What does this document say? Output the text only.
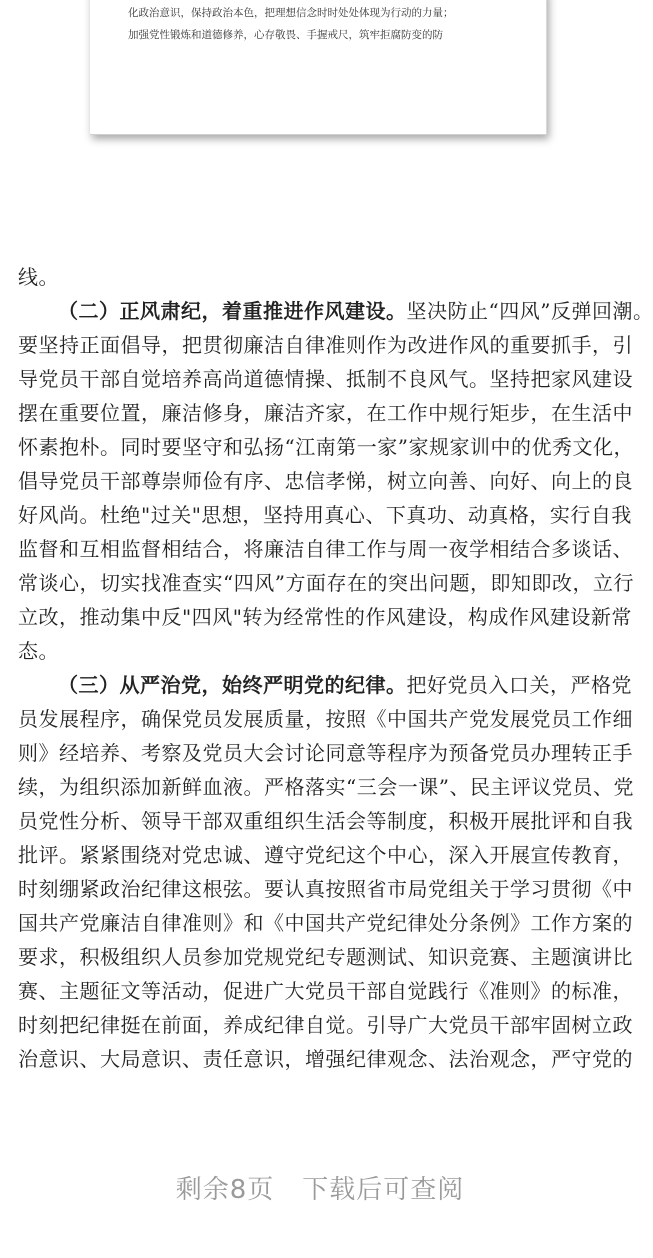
化政治意识，保持政治本色，把理想信念时时处处体现为行动的力量；
加强党性锻炼和道德修养，心存敬畏、手握戒尺，筑牢拒腐防变的防
线。
（二）正风肃纪，着重推进作风建设。坚决防止“四风”反弹回潮。
要坚持正面倡导，把贯彻廉洁自律准则作为改进作风的重要抓手，引
导党员干部自觉培养高尚道德情操、抵制不良风气。坚持把家风建设
摆在重要位置，廉洁修身，廉洁齐家，在工作中规行矩步，在生活中
怀素抱朴。同时要坚守和弘扬“江南第一家”家规家训中的优秀文化，
倡导党员干部尊崇师俭有序、忠信孝悌，树立向善、向好、向上的良
好风尚。杜绝"过关"思想，坚持用真心、下真功、动真格，实行自我
监督和互相监督相结合，将廉洁自律工作与周一夜学相结合多谈话、
常谈心，切实找准查实“四风”方面存在的突出问题，即知即改，立行
立改，推动集中反"四风"转为经常性的作风建设，构成作风建设新常
态。
（三）从严治党，始终严明党的纪律。把好党员入口关，严格党
员发展程序，确保党员发展质量，按照《中国共产党发展党员工作细
则》经培养、考察及党员大会讨论同意等程序为预备党员办理转正手
续，为组织添加新鲜血液。严格落实“三会一课”、民主评议党员、党
员党性分析、领导干部双重组织生活会等制度，积极开展批评和自我
批评。紧紧围绕对党忠诚、遵守党纪这个中心，深入开展宣传教育，
时刻绷紧政治纪律这根弦。要认真按照省市局党组关于学习贯彻《中
国共产党廉洁自律准则》和《中国共产党纪律处分条例》工作方案的
要求，积极组织人员参加党规党纪专题测试、知识竞赛、主题演讲比
赛、主题征文等活动，促进广大党员干部自觉践行《准则》的标准，
时刻把纪律挺在前面，养成纪律自觉。引导广大党员干部牢固树立政
治意识、大局意识、责任意识，增强纪律观念、法治观念，严守党的
剩余8页 下载后可查阅
